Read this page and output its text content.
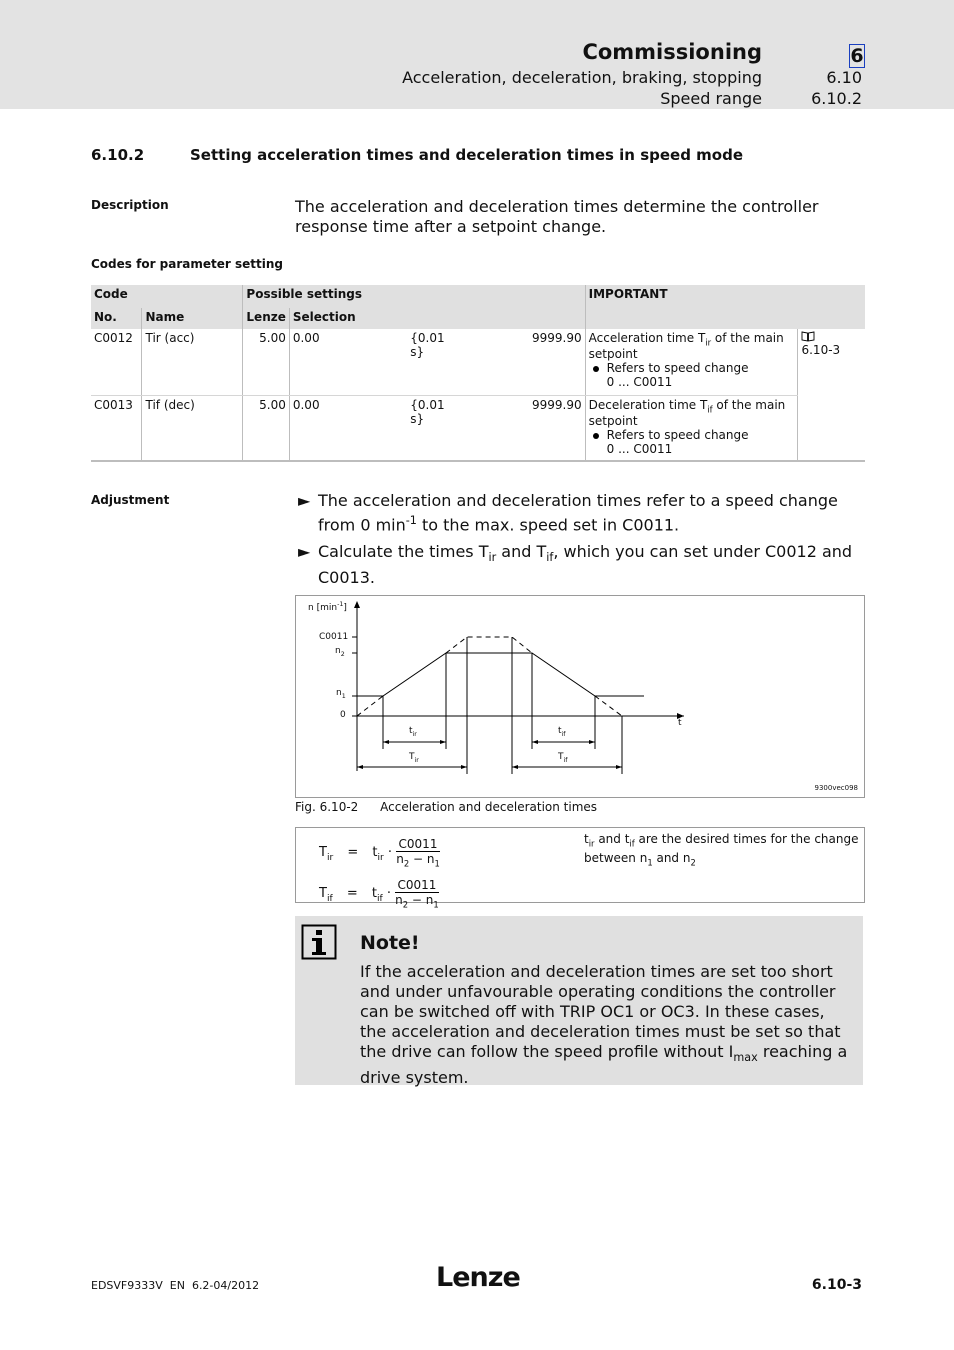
Commissioning	6
Acceleration, deceleration, braking, stopping	6.10
Speed range	6.10.2
6.10.2	Setting acceleration times and deceleration times in speed mode
Description	The acceleration and deceleration times determine the controller response time after a setpoint change.
Codes for parameter setting
Code		Possible settings				IMPORTANT	
No.	Name	Lenze	Selection				
C0012	Tir (acc)	5.00	0.00	{0.01 s}	9999.90	Acceleration time $T_{ir}$ of the main setpoint
Refers to speed change
0 ... C0011	6.10-3
C0013	Tif (dec)	5.00	0.00	{0.01 s}	9999.90	Deceleration time $T_{if}$ of the main setpoint
Refers to speed change
0 ... C0011	
Adjustment	► The acceleration and deceleration times refer to a speed change from 0 $\min^{-1}$ to the max. speed set in C0011.
► Calculate the times $T_{ir}$ and $T_{if}$, which you can set under C0012 and C0013.
n $[\min^{-1}]$
C0011
$n_2$
$n_1$
0
t
$t_{ir}$	$t_{if}$
$T_{ir}$	$T_{if}$
9300vec098
Fig. 6.10-2 Acceleration and deceleration times
$T_{ir} = t_{ir} \cdot \frac{C0011}{n_2 - n_1}$
$T_{if} = t_{if} \cdot \frac{C0011}{n_2 - n_1}$
$t_{ir}$ and $t_{if}$ are the desired times for the change between $n_1$ and $n_2$
Note!
If the acceleration and deceleration times are set too short and under unfavourable operating conditions the controller can be switched off with TRIP OC1 or OC3. In these cases, the acceleration and deceleration times must be set so that the drive can follow the speed profile without $I_{max}$ reaching a drive system.
EDSVF9333V  EN  6.2-04/2012	Lenze	6.10-3
